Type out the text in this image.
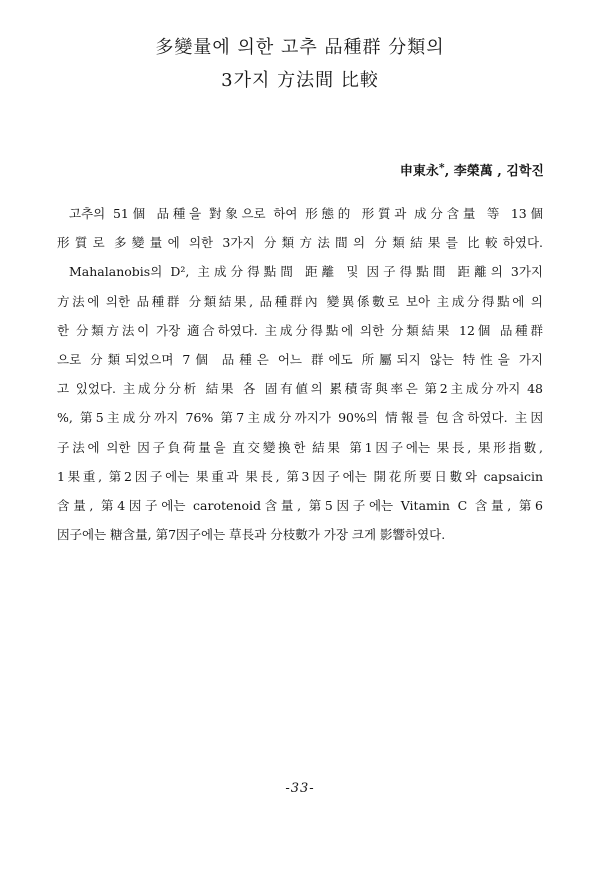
多變量에 의한 고추 品種群 分類의
3가지 方法間 比較
申東永*, 李榮萬 , 김학진
고추의 51個 品種을 對象으로 하여 形態的 形質과 成分含量 等 13個
形質로 多變量에 의한 3가지 分類方法間의 分類結果를 比較하였다.
Mahalanobis의 D², 主成分得點間 距離 및 因子得點間 距離의 3가지
方法에 의한 品種群 分類結果, 品種群內 變異係數로 보아 主成分得點에 의
한 分類方法이 가장 適合하였다. 主成分得點에 의한 分類結果 12個 品種群
으로 分類되었으며 7個 品種은 어느 群에도 所屬되지 않는 特性을 가지
고 있었다. 主成分分析 結果 各 固有値의 累積寄與率은 第2主成分까지 48
%, 第5主成分까지 76% 第7主成分까지가 90%의 情報를 包含하였다. 主因
子法에 의한 因子負荷量을 直交變換한 結果 第1因子에는 果長, 果形指數,
1果重, 第2因子에는 果重과 果長, 第3因子에는 開花所要日數와 capsaicin
含量, 第4因子에는 carotenoid含量, 第5因子에는 Vitamin C 含量, 第6
因子에는 糖含量, 第7因子에는 草長과 分枝數가 가장 크게 影響하였다.
-33-
